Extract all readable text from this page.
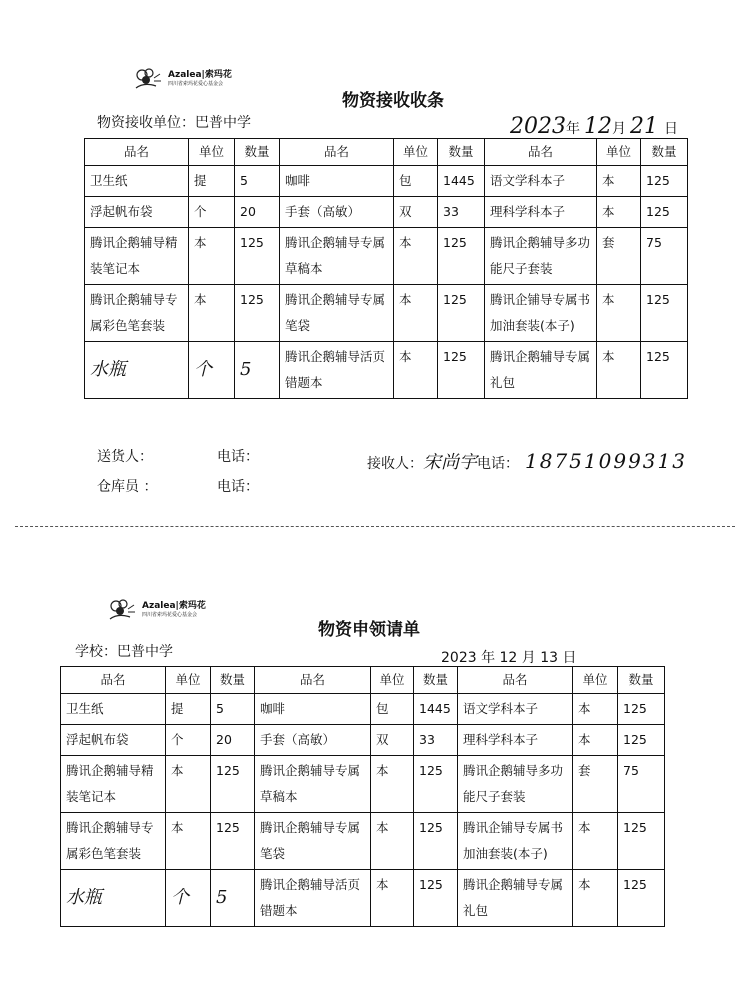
Azalea|索玛花
四川省索玛花爱心基金会
物资接收收条
物资接收单位：巴普中学	2023年 12月 21 日
品名	单位	数量	品名	单位	数量	品名	单位	数量
卫生纸	提	5	咖啡	包	1445	语文学科本子	本	125
浮起帆布袋	个	20	手套（高敏）	双	33	理科学科本子	本	125
腾讯企鹅辅导精装笔记本	本	125	腾讯企鹅辅导专属草稿本	本	125	腾讯企鹅辅导多功能尺子套装	套	75
腾讯企鹅辅导专属彩色笔套装	本	125	腾讯企鹅辅导专属笔袋	本	125	腾讯企铺导专属书加油套装(本子)	本	125
水瓶	个	5	腾讯企鹅辅导活页错题本	本	125	腾讯企鹅辅导专属礼包	本	125
送货人：	电话：	接收人：宋尚宇电话： 18751099313
仓库员 ：	电话：
Azalea|索玛花
四川省索玛花爱心基金会
物资申领请单
学校：巴普中学	2023 年 12 月 13 日
品名	单位	数量	品名	单位	数量	品名	单位	数量
卫生纸	提	5	咖啡	包	1445	语文学科本子	本	125
浮起帆布袋	个	20	手套（高敏）	双	33	理科学科本子	本	125
腾讯企鹅辅导精装笔记本	本	125	腾讯企鹅辅导专属草稿本	本	125	腾讯企鹅辅导多功能尺子套装	套	75
腾讯企鹅辅导专属彩色笔套装	本	125	腾讯企鹅辅导专属笔袋	本	125	腾讯企铺导专属书加油套装(本子)	本	125
水瓶	个	5	腾讯企鹅辅导活页错题本	本	125	腾讯企鹅辅导专属礼包	本	125
